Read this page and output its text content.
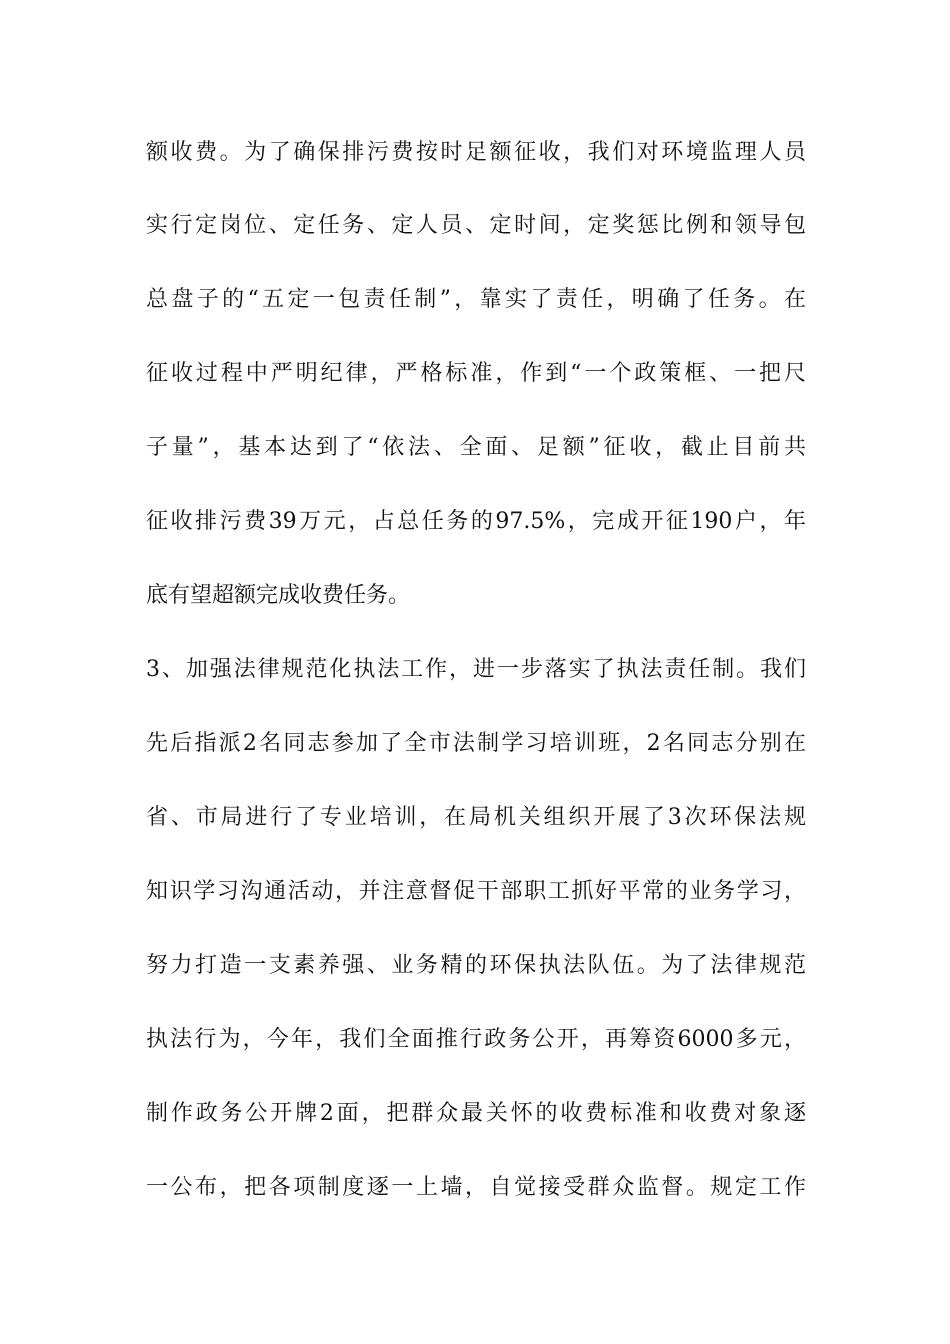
额收费。为了确保排污费按时足额征收，我们对环境监理人员
实行定岗位、定任务、定人员、定时间，定奖惩比例和领导包
总盘子的“五定一包责任制”，靠实了责任，明确了任务。在
征收过程中严明纪律，严格标准，作到“一个政策框、一把尺
子量”，基本达到了“依法、全面、足额”征收，截止目前共
征收排污费39万元，占总任务的97.5%，完成开征190户，年
底有望超额完成收费任务。
3、加强法律规范化执法工作，进一步落实了执法责任制。我们
先后指派2名同志参加了全市法制学习培训班，2名同志分别在
省、市局进行了专业培训，在局机关组织开展了3次环保法规
知识学习沟通活动，并注意督促干部职工抓好平常的业务学习，
努力打造一支素养强、业务精的环保执法队伍。为了法律规范
执法行为，今年，我们全面推行政务公开，再筹资6000多元，
制作政务公开牌2面，把群众最关怀的收费标准和收费对象逐
一公布，把各项制度逐一上墙，自觉接受群众监督。规定工作
